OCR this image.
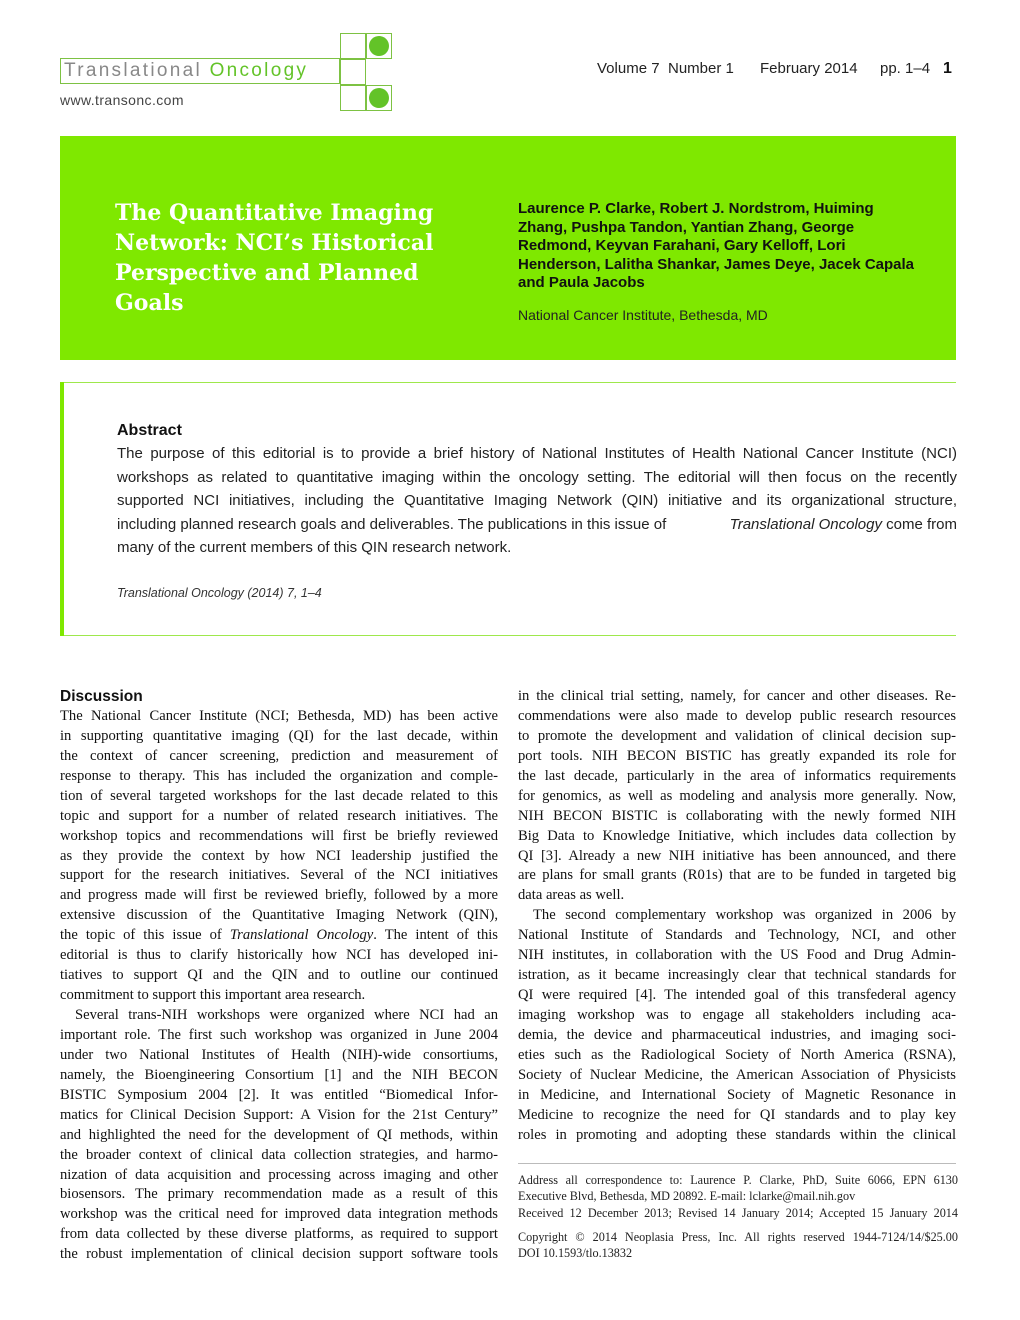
Translational Oncology
www.transonc.com
Volume 7 Number 1 February 2014 pp. 1–4 1
The Quantitative Imaging Network: NCI’s Historical Perspective and Planned Goals
Laurence P. Clarke, Robert J. Nordstrom, Huiming Zhang, Pushpa Tandon, Yantian Zhang, George Redmond, Keyvan Farahani, Gary Kelloff, Lori Henderson, Lalitha Shankar, James Deye, Jacek Capala and Paula Jacobs
National Cancer Institute, Bethesda, MD
Abstract
The purpose of this editorial is to provide a brief history of National Institutes of Health National Cancer Institute (NCI)
workshops as related to quantitative imaging within the oncology setting. The editorial will then focus on the recently
supported NCI initiatives, including the Quantitative Imaging Network (QIN) initiative and its organizational structure,
including planned research goals and deliverables. The publications in this issue of	Translational Oncology come from
many of the current members of this QIN research network.
Translational Oncology (2014) 7, 1–4
Discussion
The National Cancer Institute (NCI; Bethesda, MD) has been active
in supporting quantitative imaging (QI) for the last decade, within
the context of cancer screening, prediction and measurement of
response to therapy. This has included the organization and comple-
tion of several targeted workshops for the last decade related to this
topic and support for a number of related research initiatives. The
workshop topics and recommendations will first be briefly reviewed
as they provide the context by how NCI leadership justified the
support for the research initiatives. Several of the NCI initiatives
and progress made will first be reviewed briefly, followed by a more
extensive discussion of the Quantitative Imaging Network (QIN),
the topic of this issue of Translational Oncology. The intent of this
editorial is thus to clarify historically how NCI has developed ini-
tiatives to support QI and the QIN and to outline our continued
commitment to support this important area research.
Several trans-NIH workshops were organized where NCI had an
important role. The first such workshop was organized in June 2004
under two National Institutes of Health (NIH)-wide consortiums,
namely, the Bioengineering Consortium [1] and the NIH BECON
BISTIC Symposium 2004 [2]. It was entitled “Biomedical Infor-
matics for Clinical Decision Support: A Vision for the 21st Century”
and highlighted the need for the development of QI methods, within
the broader context of clinical data collection strategies, and harmo-
nization of data acquisition and processing across imaging and other
biosensors. The primary recommendation made as a result of this
workshop was the critical need for improved data integration methods
from data collected by these diverse platforms, as required to support
the robust implementation of clinical decision support software tools
in the clinical trial setting, namely, for cancer and other diseases. Re-
commendations were also made to develop public research resources
to promote the development and validation of clinical decision sup-
port tools. NIH BECON BISTIC has greatly expanded its role for
the last decade, particularly in the area of informatics requirements
for genomics, as well as modeling and analysis more generally. Now,
NIH BECON BISTIC is collaborating with the newly formed NIH
Big Data to Knowledge Initiative, which includes data collection by
QI [3]. Already a new NIH initiative has been announced, and there
are plans for small grants (R01s) that are to be funded in targeted big
data areas as well.
The second complementary workshop was organized in 2006 by
National Institute of Standards and Technology, NCI, and other
NIH institutes, in collaboration with the US Food and Drug Admin-
istration, as it became increasingly clear that technical standards for
QI were required [4]. The intended goal of this transfederal agency
imaging workshop was to engage all stakeholders including aca-
demia, the device and pharmaceutical industries, and imaging soci-
eties such as the Radiological Society of North America (RSNA),
Society of Nuclear Medicine, the American Association of Physicists
in Medicine, and International Society of Magnetic Resonance in
Medicine to recognize the need for QI standards and to play key
roles in promoting and adopting these standards within the clinical
Address all correspondence to: Laurence P. Clarke, PhD, Suite 6066, EPN 6130
Executive Blvd, Bethesda, MD 20892. E-mail: lclarke@mail.nih.gov
Received 12 December 2013; Revised 14 January 2014; Accepted 15 January 2014
Copyright © 2014 Neoplasia Press, Inc. All rights reserved 1944-7124/14/$25.00
DOI 10.1593/tlo.13832
